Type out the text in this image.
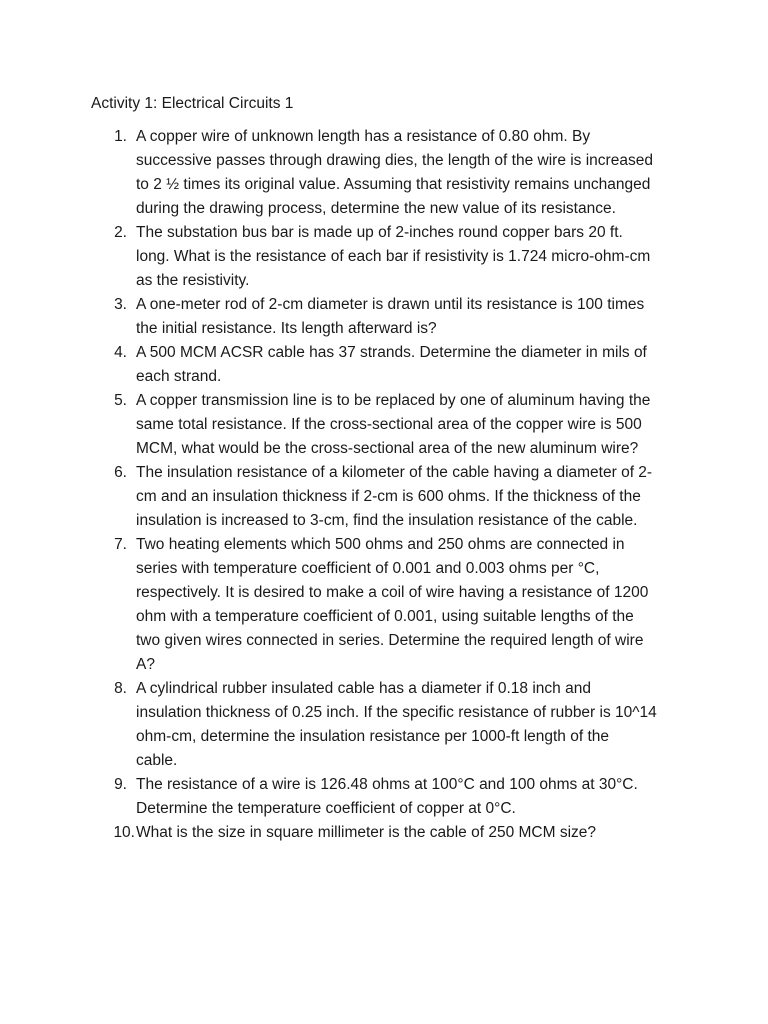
Activity 1: Electrical Circuits 1
1. A copper wire of unknown length has a resistance of 0.80 ohm. By
successive passes through drawing dies, the length of the wire is increased
to 2 ½ times its original value. Assuming that resistivity remains unchanged
during the drawing process, determine the new value of its resistance.
2. The substation bus bar is made up of 2-inches round copper bars 20 ft.
long. What is the resistance of each bar if resistivity is 1.724 micro-ohm-cm
as the resistivity.
3. A one-meter rod of 2-cm diameter is drawn until its resistance is 100 times
the initial resistance. Its length afterward is?
4. A 500 MCM ACSR cable has 37 strands. Determine the diameter in mils of
each strand.
5. A copper transmission line is to be replaced by one of aluminum having the
same total resistance. If the cross-sectional area of the copper wire is 500
MCM, what would be the cross-sectional area of the new aluminum wire?
6. The insulation resistance of a kilometer of the cable having a diameter of 2-
cm and an insulation thickness if 2-cm is 600 ohms. If the thickness of the
insulation is increased to 3-cm, find the insulation resistance of the cable.
7. Two heating elements which 500 ohms and 250 ohms are connected in
series with temperature coefficient of 0.001 and 0.003 ohms per °C,
respectively. It is desired to make a coil of wire having a resistance of 1200
ohm with a temperature coefficient of 0.001, using suitable lengths of the
two given wires connected in series. Determine the required length of wire
A?
8. A cylindrical rubber insulated cable has a diameter if 0.18 inch and
insulation thickness of 0.25 inch. If the specific resistance of rubber is 10^14
ohm-cm, determine the insulation resistance per 1000-ft length of the
cable.
9. The resistance of a wire is 126.48 ohms at 100°C and 100 ohms at 30°C.
Determine the temperature coefficient of copper at 0°C.
10. What is the size in square millimeter is the cable of 250 MCM size?
